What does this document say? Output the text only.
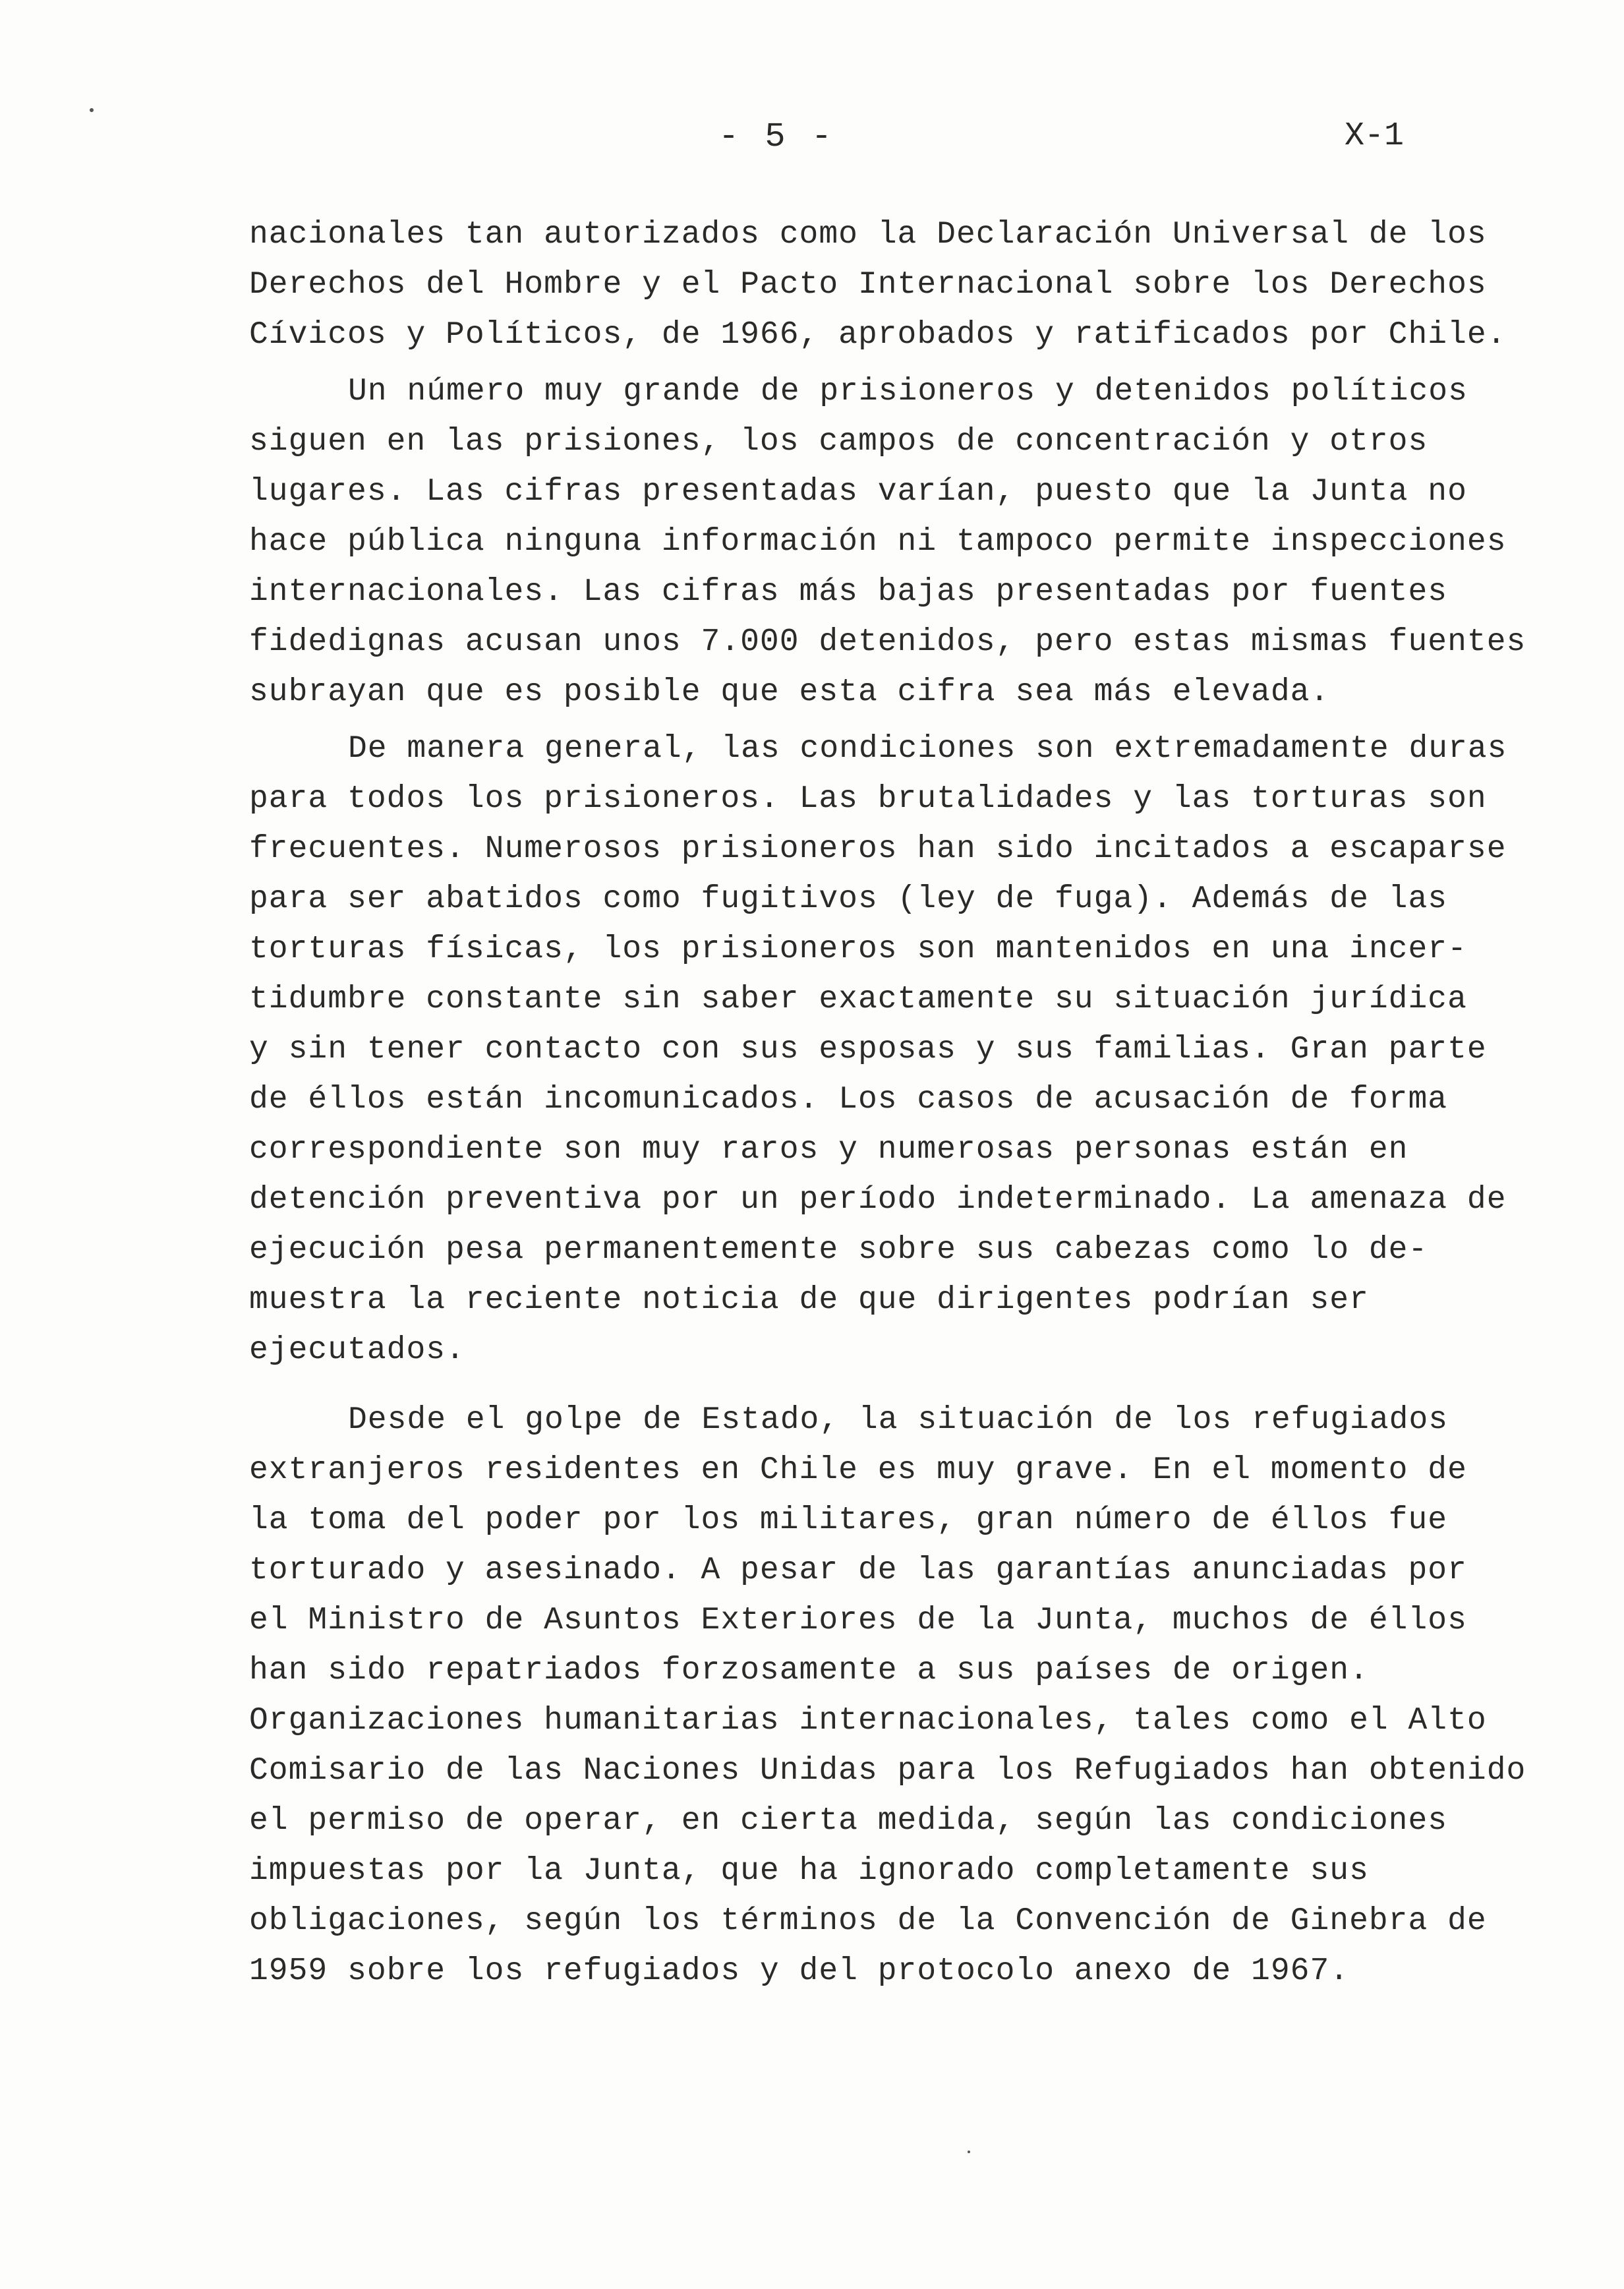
- 5 -	X-1
nacionales tan autorizados como la Declaración Universal de los
Derechos del Hombre y el Pacto Internacional sobre los Derechos
Cívicos y Políticos, de 1966, aprobados y ratificados por Chile.
Un número muy grande de prisioneros y detenidos políticos
siguen en las prisiones, los campos de concentración y otros
lugares. Las cifras presentadas varían, puesto que la Junta no
hace pública ninguna información ni tampoco permite inspecciones
internacionales. Las cifras más bajas presentadas por fuentes
fidedignas acusan unos 7.000 detenidos, pero estas mismas fuentes
subrayan que es posible que esta cifra sea más elevada.
De manera general, las condiciones son extremadamente duras
para todos los prisioneros. Las brutalidades y las torturas son
frecuentes. Numerosos prisioneros han sido incitados a escaparse
para ser abatidos como fugitivos (ley de fuga). Además de las
torturas físicas, los prisioneros son mantenidos en una incer-
tidumbre constante sin saber exactamente su situación jurídica
y sin tener contacto con sus esposas y sus familias. Gran parte
de éllos están incomunicados. Los casos de acusación de forma
correspondiente son muy raros y numerosas personas están en
detención preventiva por un período indeterminado. La amenaza de
ejecución pesa permanentemente sobre sus cabezas como lo de-
muestra la reciente noticia de que dirigentes podrían ser
ejecutados.
Desde el golpe de Estado, la situación de los refugiados
extranjeros residentes en Chile es muy grave. En el momento de
la toma del poder por los militares, gran número de éllos fue
torturado y asesinado. A pesar de las garantías anunciadas por
el Ministro de Asuntos Exteriores de la Junta, muchos de éllos
han sido repatriados forzosamente a sus países de origen.
Organizaciones humanitarias internacionales, tales como el Alto
Comisario de las Naciones Unidas para los Refugiados han obtenido
el permiso de operar, en cierta medida, según las condiciones
impuestas por la Junta, que ha ignorado completamente sus
obligaciones, según los términos de la Convención de Ginebra de
1959 sobre los refugiados y del protocolo anexo de 1967.
